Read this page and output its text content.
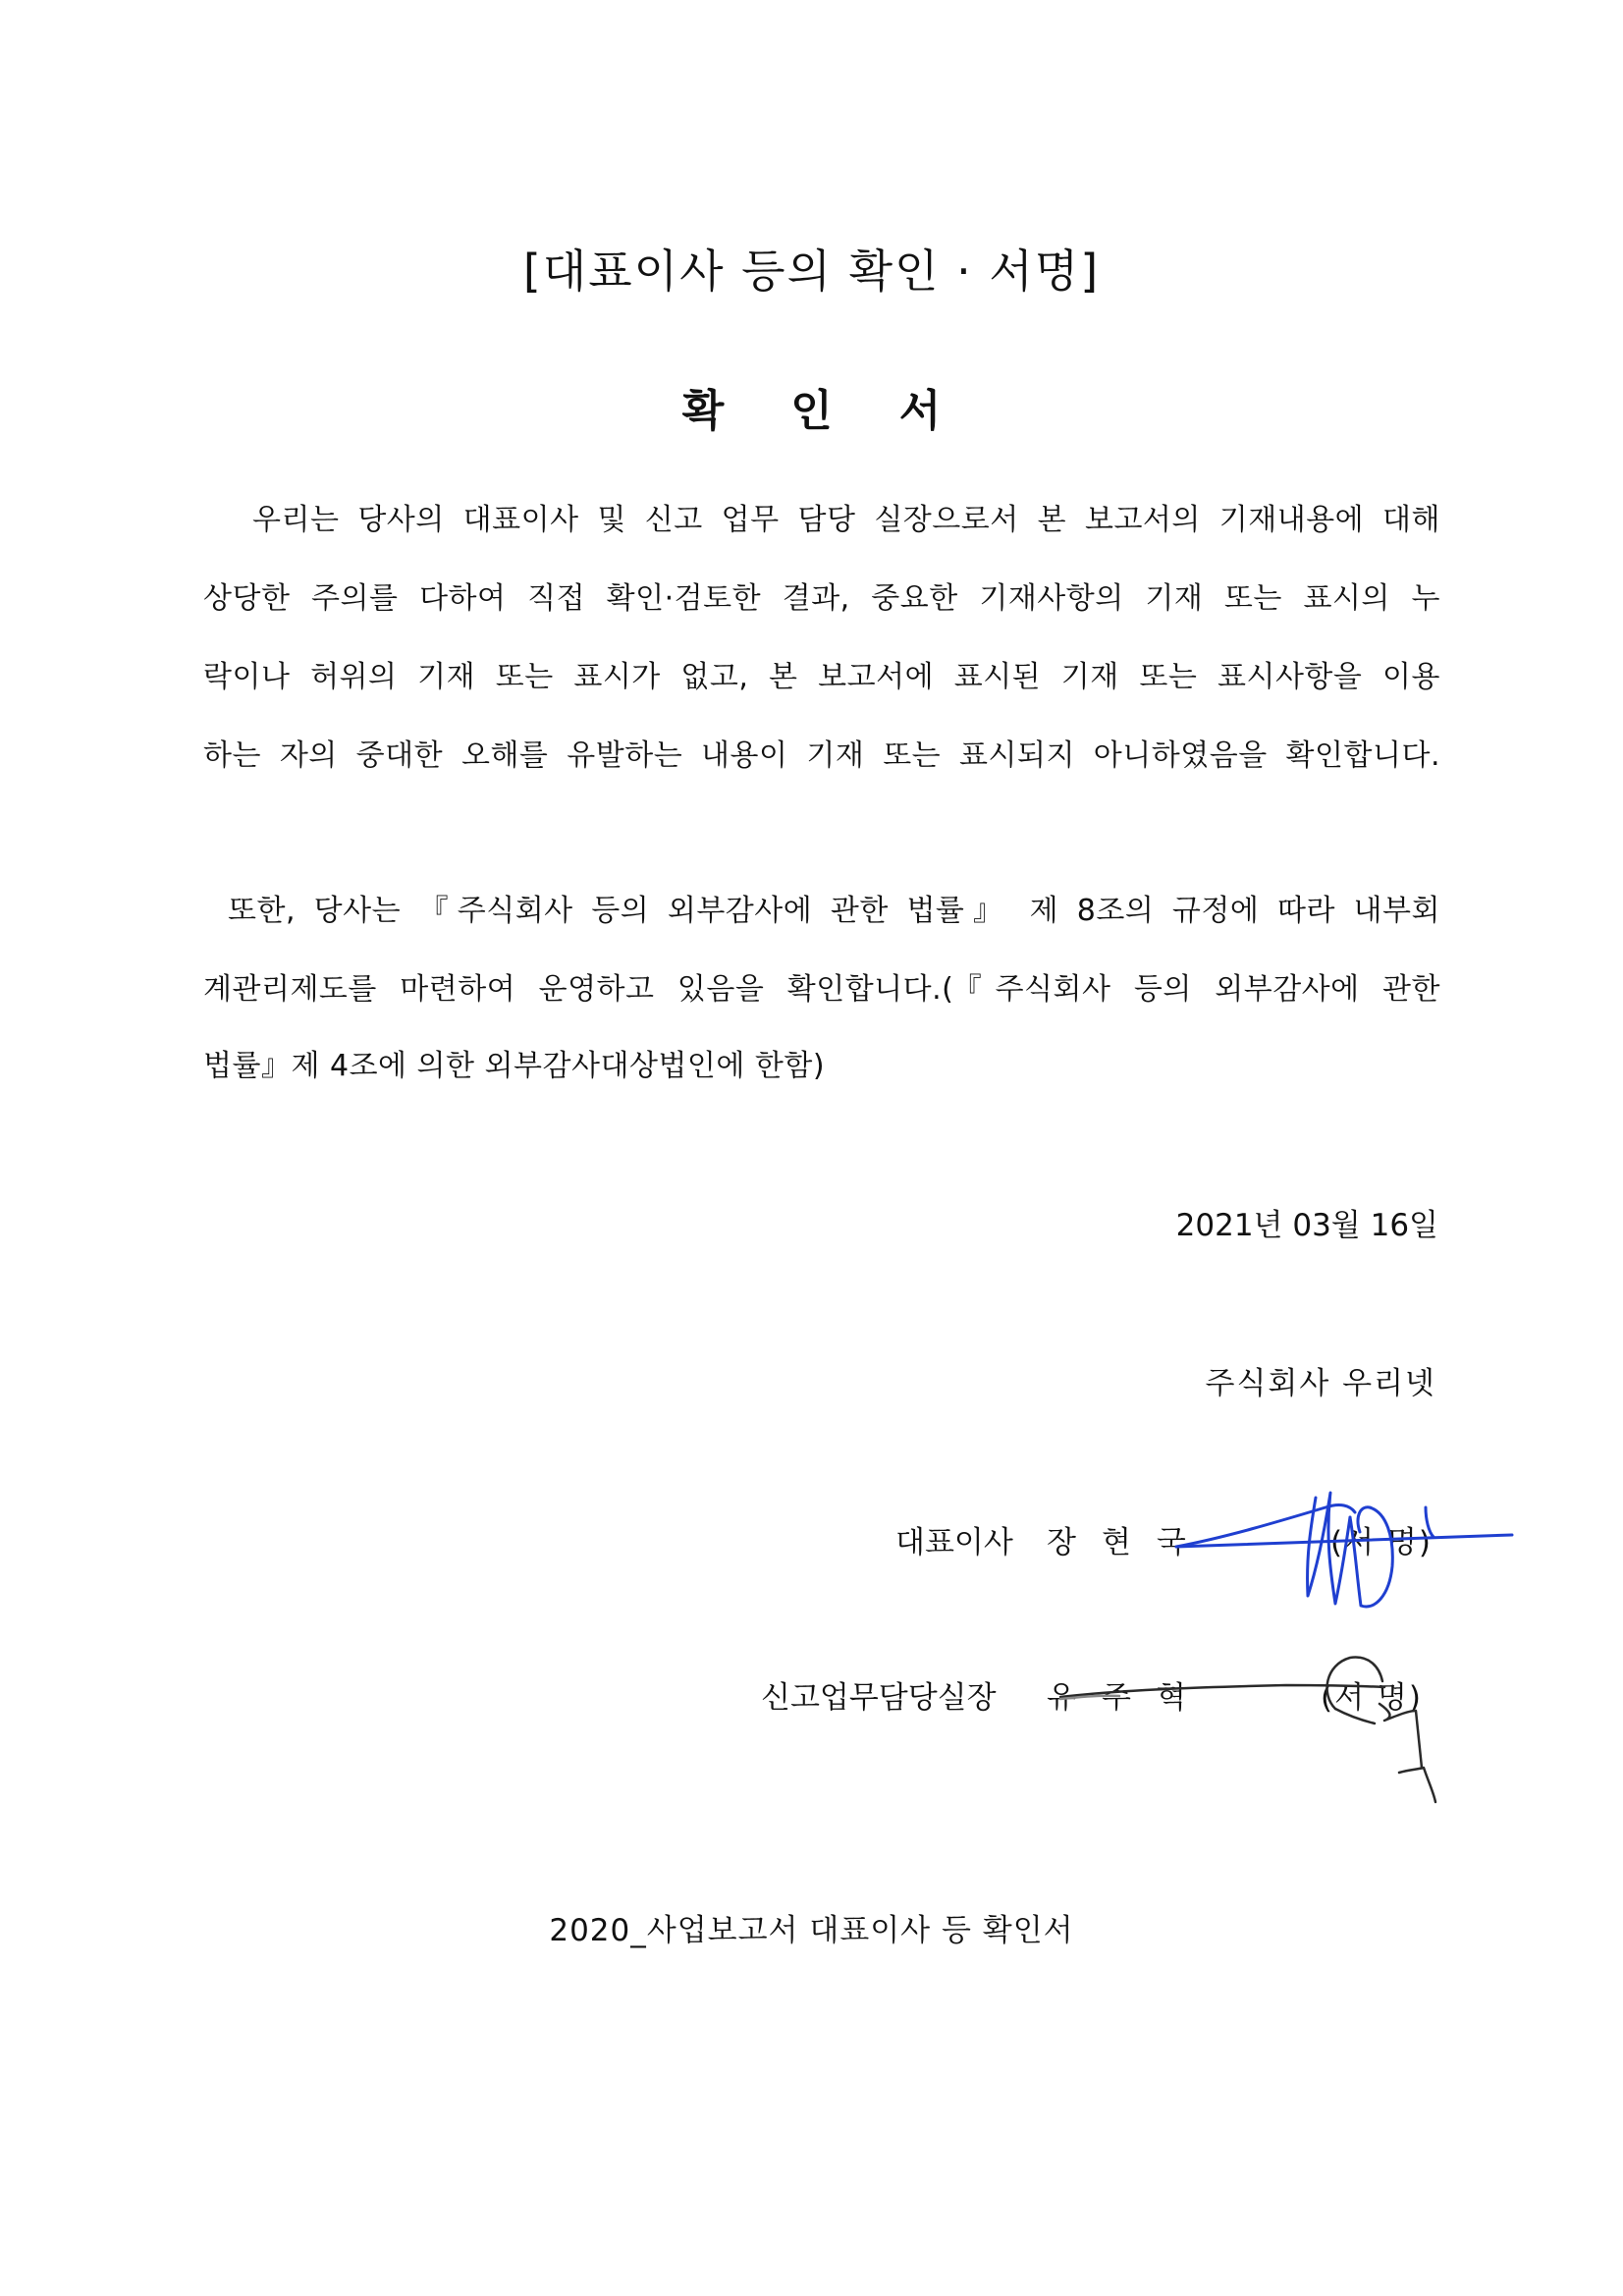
[대표이사 등의 확인 · 서명]
확 인 서
우리는 당사의 대표이사 및 신고 업무 담당 실장으로서 본 보고서의 기재내용에 대해
상당한 주의를 다하여 직접 확인·검토한 결과, 중요한 기재사항의 기재 또는 표시의 누
락이나 허위의 기재 또는 표시가 없고, 본 보고서에 표시된 기재 또는 표시사항을 이용
하는 자의 중대한 오해를 유발하는 내용이 기재 또는 표시되지 아니하였음을 확인합니다.
또한, 당사는 『주식회사 등의 외부감사에 관한 법률』 제 8조의 규정에 따라 내부회
계관리제도를 마련하여 운영하고 있음을 확인합니다.(『주식회사 등의 외부감사에 관한
법률』제 4조에 의한 외부감사대상법인에 한함)
2021년 03월 16일
주식회사 우리넷
대표이사 장현국	(서 명)
신고업무담당실장 유주혁	(서 명)
2020_사업보고서 대표이사 등 확인서
